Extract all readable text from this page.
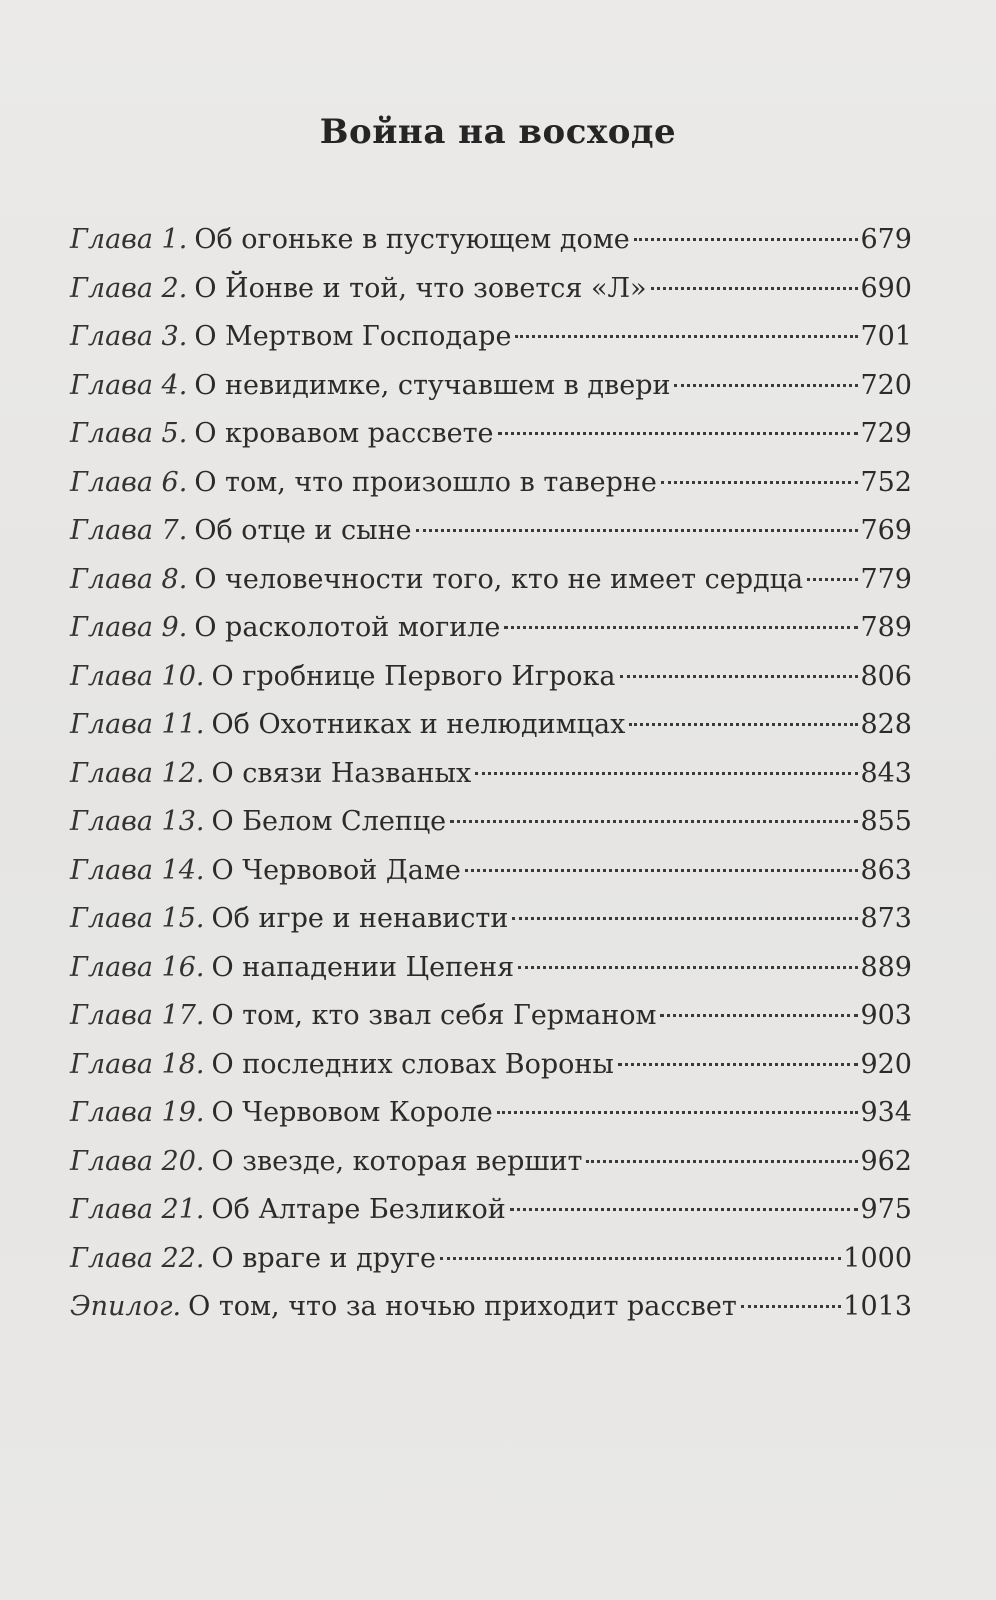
Война на восходе
Глава 1. Об огоньке в пустующем доме	679
Глава 2. О Йонве и той, что зовется «Л»	690
Глава 3. О Мертвом Господаре	701
Глава 4. О невидимке, стучавшем в двери	720
Глава 5. О кровавом рассвете	729
Глава 6. О том, что произошло в таверне	752
Глава 7. Об отце и сыне	769
Глава 8. О человечности того, кто не имеет сердца 779
Глава 9. О расколотой могиле	789
Глава 10. О гробнице Первого Игрока	806
Глава 11. Об Охотниках и нелюдимцах	828
Глава 12. О связи Названых	843
Глава 13. О Белом Слепце	855
Глава 14. О Червовой Даме	863
Глава 15. Об игре и ненависти	873
Глава 16. О нападении Цепеня	889
Глава 17. О том, кто звал себя Германом	903
Глава 18. О последних словах Вороны	920
Глава 19. О Червовом Короле	934
Глава 20. О звезде, которая вершит	962
Глава 21. Об Алтаре Безликой	975
Глава 22. О враге и друге	1000
Эпилог. О том, что за ночью приходит рассвет	1013
